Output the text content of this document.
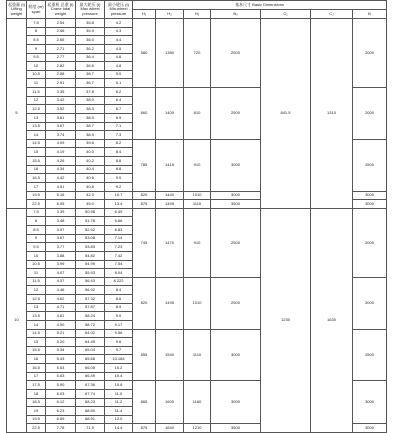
起重量 (t) Lifting weight	跨度 (m) span	起重机 总重 (t) Crane total weight	最大轮压 (t) Max.wheel pressure	最小轮压 (t) Min.wheel pressure	基本尺寸 Basic Dimensions						
					H₁	H₂	H₃	B₀	C₁	C₂	B
5	7.5	2.54	35.8	4.2	580	1380	720	2500	841.5	1310	2000
	8	2.46	35.9	4.3							
	8.5	2.65	36.0	4.4							
	9	2.71	36.2	4.5							
	9.5	2.77	36.4	4.6							
	10	2.82	36.6	4.8							
	10.5	2.88	36.7	5.0							
	11	2.91	36.7	5.1							
	11.5	3.35	37.8	6.2	660	1400	810	2500			2000
	12	3.42	38.0	6.4							
	12.5	3.52	38.3	6.7							
	13	3.61	38.5	6.9							
	13.5	3.67	38.7	7.1							
	14	3.74	38.9	7.3							
	14.5	4.09	39.8	8.2	785	1415	910	3000			2500
	15	4.19	40.0	8.4							
	15.5	4.26	40.2	8.6							
	16	4.34	40.4	8.8							
	16.5	4.42	40.6	9.0							
	17	4.51	40.8	9.2							
	19.5	5.16	42.3	10.7	820	1440	1010	3000			3000
	22.5	6.05	45.0	13.4	875	1495	1110	3500			3000
10	7.5	3.39	50.98	6.49	745	1470	910	2500	1230	1630	2000
	8	3.48	51.78	6.66							
	8.5	3.57	52.52	6.83							
	9	3.67	53.08	7.14							
	9.5	3.77	53.83	7.23							
	10	3.88	54.82	7.42							
	10.5	3.99	54.99	7.54							
	11	4.07	55.93	8.04							
	11.5	4.37	56.43	8.222	820	1495	1010	2500			2000
	12	4.46	56.92	8.4							
	12.5	4.62	57.32	8.6							
	13	4.71	57.87	8.9							
	13.5	4.81	58.24	9.0							
	14	4.90	58.72	9.17							
	14.5	5.21	64.02	9.56	855	1540	1110	3000			2500
	15	5.20	64.45	9.6							
	15.5	5.34	65.04	9.7							
	16	5.43	65.68	10.184							
	16.5	5.53	66.05	10.2							
	17	5.63	66.49	10.4							
	17.5	5.90	67.36	10.8	865	1600	1160	3000			3000
	18	6.03	67.74	11.0							
	18.5	6.12	68.23	11.2							
	19	6.23	68.50	11.4							
	19.5	6.69	68.91	12.0							
	22.5	7.78	71.5	14.4	875	1640	1210	3500			3000
